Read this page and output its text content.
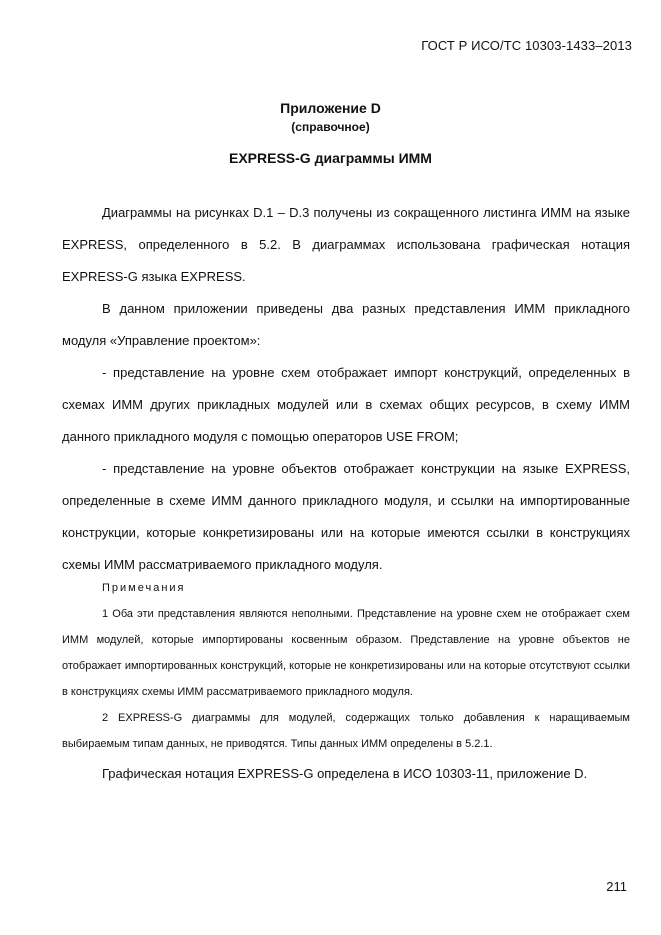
ГОСТ Р ИСО/ТС 10303-1433–2013
Приложение D
(справочное)
EXPRESS-G диаграммы ИММ

Диаграммы на рисунках D.1 – D.3 получены из сокращенного листинга ИММ на языке EXPRESS, определенного в 5.2. В диаграммах использована графическая нотация EXPRESS-G языка EXPRESS.

В данном приложении приведены два разных представления ИММ прикладного модуля «Управление проектом»:

- представление на уровне схем отображает импорт конструкций, определенных в схемах ИММ других прикладных модулей или в схемах общих ресурсов, в схему ИММ данного прикладного модуля с помощью операторов USE FROM;

- представление на уровне объектов отображает конструкции на языке EXPRESS, определенные в схеме ИММ данного прикладного модуля, и ссылки на импортированные конструкции, которые конкретизированы или на которые имеются ссылки в конструкциях схемы ИММ рассматриваемого прикладного модуля.

Примечания

1 Оба эти представления являются неполными. Представление на уровне схем не отображает схем ИММ модулей, которые импортированы косвенным образом. Представление на уровне объектов не отображает импортированных конструкций, которые не конкретизированы или на которые отсутствуют ссылки в конструкциях схемы ИММ рассматриваемого прикладного модуля.

2 EXPRESS-G диаграммы для модулей, содержащих только добавления к наращиваемым выбираемым типам данных, не приводятся. Типы данных ИММ определены в 5.2.1.

Графическая нотация EXPRESS-G определена в ИСО 10303-11, приложение D.

211
